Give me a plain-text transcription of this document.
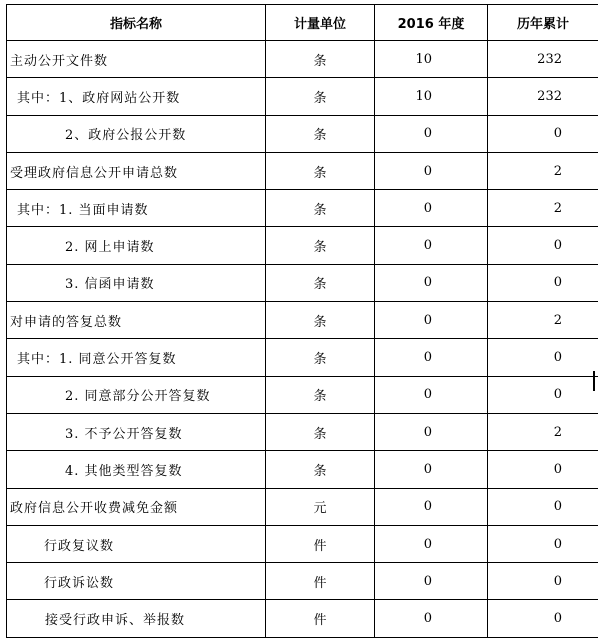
指标名称	计量单位	2016 年度	历年累计
主动公开文件数	条	10	232
其中：1、政府网站公开数	条	10	232
2、政府公报公开数	条	0	0
受理政府信息公开申请总数	条	0	2
其中：1. 当面申请数	条	0	2
2. 网上申请数	条	0	0
3. 信函申请数	条	0	0
对申请的答复总数	条	0	2
其中：1. 同意公开答复数	条	0	0
2. 同意部分公开答复数	条	0	0
3. 不予公开答复数	条	0	2
4. 其他类型答复数	条	0	0
政府信息公开收费减免金额	元	0	0
行政复议数	件	0	0
行政诉讼数	件	0	0
接受行政申诉、举报数	件	0	0
